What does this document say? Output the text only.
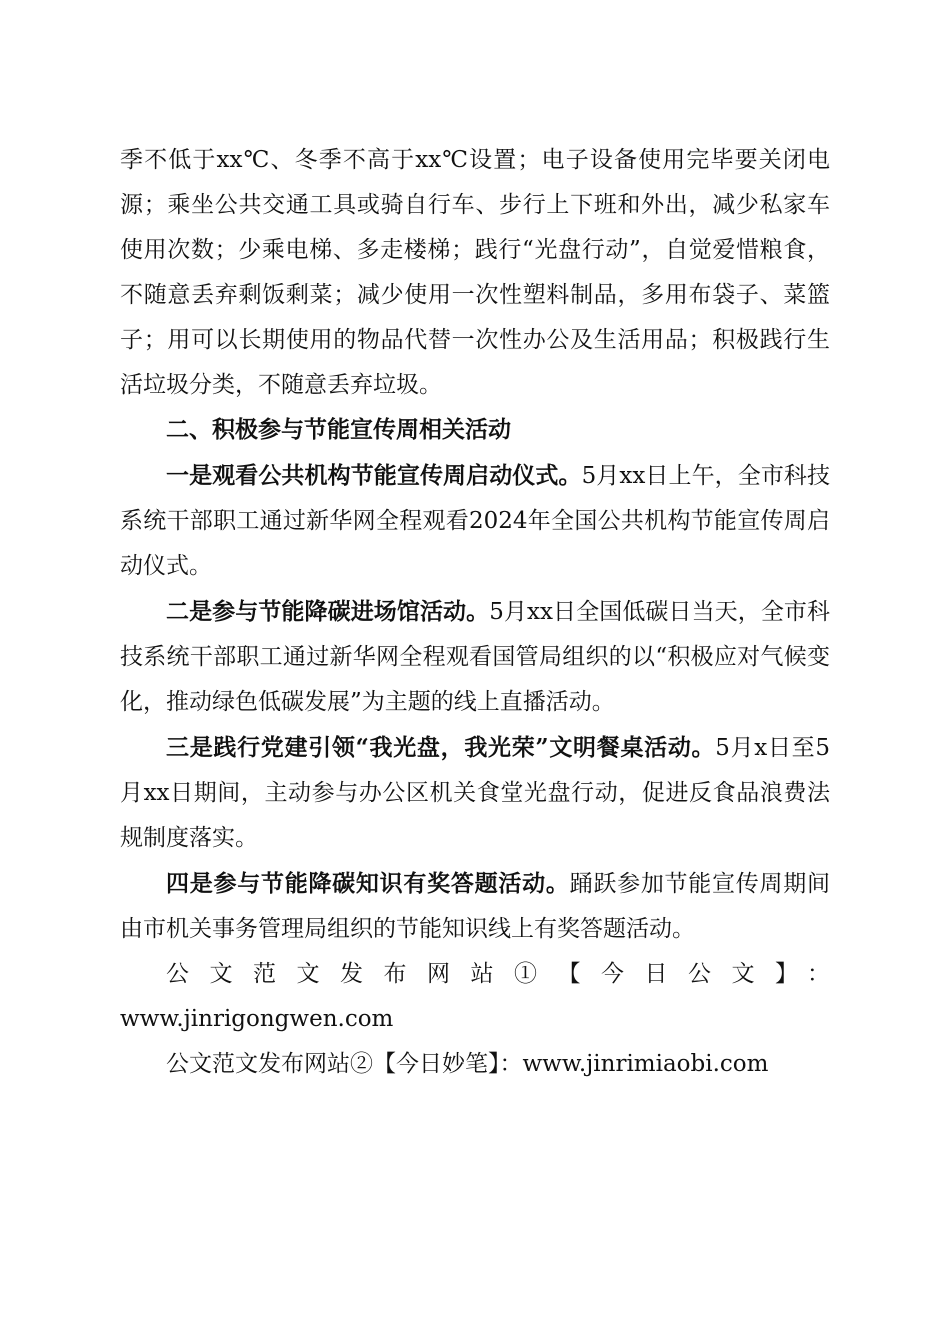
季不低于xx℃、冬季不高于xx℃设置；电子设备使用完毕要关闭电源；乘坐公共交通工具或骑自行车、步行上下班和外出，减少私家车使用次数；少乘电梯、多走楼梯；践行“光盘行动”，自觉爱惜粮食，不随意丢弃剩饭剩菜；减少使用一次性塑料制品，多用布袋子、菜篮子；用可以长期使用的物品代替一次性办公及生活用品；积极践行生活垃圾分类，不随意丢弃垃圾。

二、积极参与节能宣传周相关活动

一是观看公共机构节能宣传周启动仪式。5月xx日上午，全市科技系统干部职工通过新华网全程观看2024年全国公共机构节能宣传周启动仪式。

二是参与节能降碳进场馆活动。5月xx日全国低碳日当天，全市科技系统干部职工通过新华网全程观看国管局组织的以“积极应对气候变化，推动绿色低碳发展”为主题的线上直播活动。

三是践行党建引领“我光盘，我光荣”文明餐桌活动。5月x日至5月xx日期间，主动参与办公区机关食堂光盘行动，促进反食品浪费法规制度落实。

四是参与节能降碳知识有奖答题活动。踊跃参加节能宣传周期间由市机关事务管理局组织的节能知识线上有奖答题活动。

公文范文发布网站①【今日公文】：

www.jinrigongwen.com

公文范文发布网站②【今日妙笔】：www.jinrimiaobi.com
